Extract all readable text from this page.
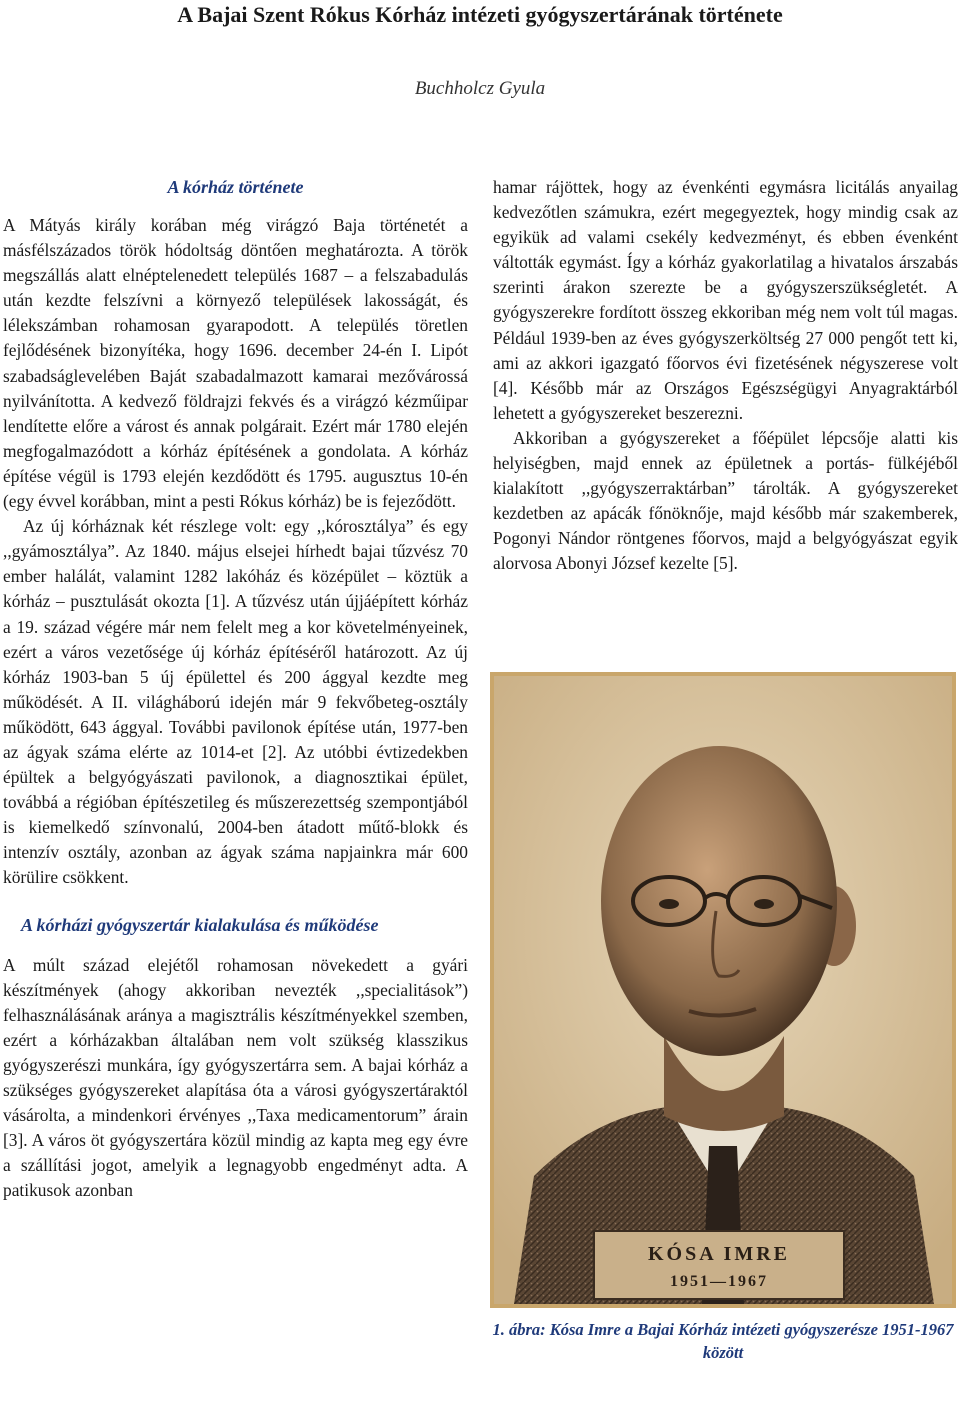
A Bajai Szent Rókus Kórház intézeti gyógyszertárának története
Buchholcz Gyula
A kórház története

A Mátyás király korában még virágzó Baja történetét a másfélszázados török hódoltság döntően meghatározta. A török megszállás alatt elnéptelenedett település 1687 – a felszabadulás után kezdte felszívni a környező települések lakosságát, és lélekszámban rohamosan gyarapodott. A település töretlen fejlődésének bizonyítéka, hogy 1696. december 24-én I. Lipót szabadságlevelében Baját szabadalmazott kamarai mezővárossá nyilvánította. A kedvező földrajzi fekvés és a virágzó kézműipar lendítette előre a várost és annak polgárait. Ezért már 1780 elején megfogalmazódott a kórház építésének a gondolata. A kórház építése végül is 1793 elején kezdődött és 1795. augusztus 10-én (egy évvel korábban, mint a pesti Rókus kórház) be is fejeződött.

Az új kórháznak két részlege volt: egy ,,kórosztálya” és egy ,,gyámosztálya”. Az 1840. május elsejei hírhedt bajai tűzvész 70 ember halálát, valamint 1282 lakóház és középület – köztük a kórház – pusztulását okozta [1]. A tűzvész után újjáépített kórház a 19. század végére már nem felelt meg a kor követelményeinek, ezért a város vezetősége új kórház építéséről határozott. Az új kórház 1903-ban 5 új épülettel és 200 ággyal kezdte meg működését. A II. világháború idején már 9 fekvőbeteg-osztály működött, 643 ággyal. További pavilonok építése után, 1977-ben az ágyak száma elérte az 1014-et [2]. Az utóbbi évtizedekben épültek a belgyógyászati pavilonok, a diagnosztikai épület, továbbá a régióban építészetileg és műszerezettség szempontjából is kiemelkedő színvonalú, 2004-ben átadott műtő-blokk és intenzív osztály, azonban az ágyak száma napjainkra már 600 körülire csökkent.

A kórházi gyógyszertár kialakulása és működése

A múlt század elejétől rohamosan növekedett a gyári készítmények (ahogy akkoriban nevezték ,,specialitások”) felhasználásának aránya a magisztrális készítményekkel szemben, ezért a kórházakban általában nem volt szükség klasszikus gyógyszerészi munkára, így gyógyszertárra sem. A bajai kórház a szükséges gyógyszereket alapítása óta a városi gyógyszertáraktól vásárolta, a mindenkori érvényes ,,Taxa medicamentorum” árain [3]. A város öt gyógyszertára közül mindig az kapta meg egy évre a szállítási jogot, amelyik a legnagyobb engedményt adta. A patikusok azonban

hamar rájöttek, hogy az évenkénti egymásra licitálás anyailag kedvezőtlen számukra, ezért megegyeztek, hogy mindig csak az egyikük ad valami csekély kedvezményt, és ebben évenként váltották egymást. Így a kórház gyakorlatilag a hivatalos árszabás szerinti árakon szerezte be a gyógyszerszükségletét. A gyógyszerekre fordított összeg ekkoriban még nem volt túl magas. Például 1939-ben az éves gyógyszerköltség 27 000 pengőt tett ki, ami az akkori igazgató főorvos évi fizetésének négyszerese volt [4]. Később már az Országos Egészségügyi Anyagraktárból lehetett a gyógyszereket beszerezni.

Akkoriban a gyógyszereket a főépület lépcsője alatti kis helyiségben, majd ennek az épületnek a portás- fülkéjéből kialakított ,,gyógyszerraktárban” tárolták. A gyógyszereket kezdetben az apácák főnöknője, majd később már szakemberek, Pogonyi Nándor röntgenes főorvos, majd a belgyógyászat egyik alorvosa Abonyi József kezelte [5].

KÓSA IMRE
1951—1967
1. ábra: Kósa Imre a Bajai Kórház intézeti gyógyszerésze 1951-1967 között
